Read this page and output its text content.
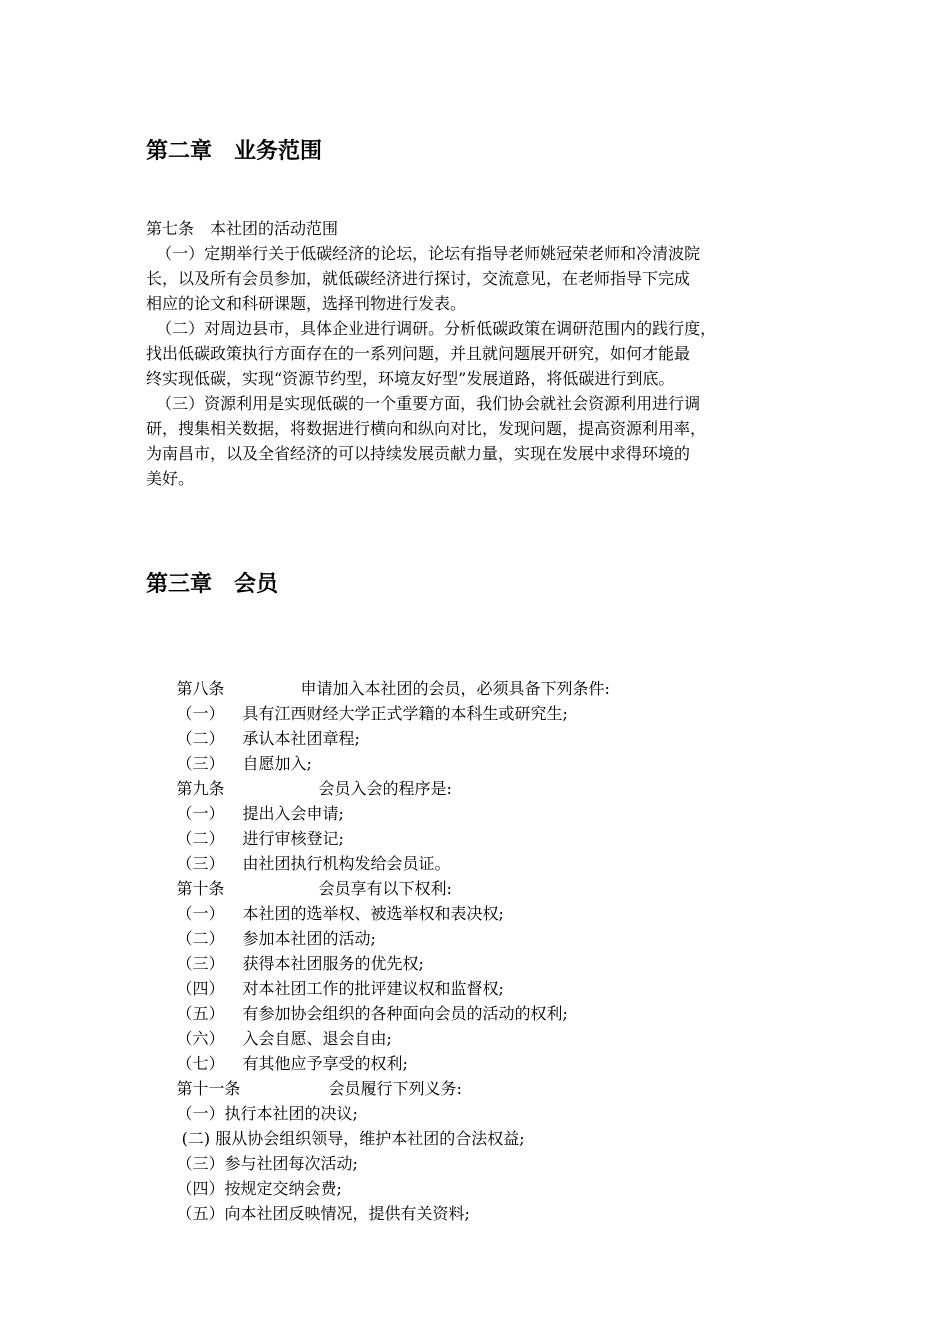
第二章　业务范围
第七条　本社团的活动范围
（一）定期举行关于低碳经济的论坛，论坛有指导老师姚冠荣老师和冷清波院
长，以及所有会员参加，就低碳经济进行探讨，交流意见，在老师指导下完成
相应的论文和科研课题，选择刊物进行发表。
（二）对周边县市，具体企业进行调研。分析低碳政策在调研范围内的践行度，
找出低碳政策执行方面存在的一系列问题，并且就问题展开研究，如何才能最
终实现低碳，实现“资源节约型，环境友好型”发展道路，将低碳进行到底。
（三）资源利用是实现低碳的一个重要方面，我们协会就社会资源利用进行调
研，搜集相关数据，将数据进行横向和纵向对比，发现问题，提高资源利用率，
为南昌市，以及全省经济的可以持续发展贡献力量，实现在发展中求得环境的
美好。
第三章　会员

第八条	申请加入本社团的会员，必须具备下列条件:

（一） 具有江西财经大学正式学籍的本科生或研究生;

（二） 承认本社团章程;

（三） 自愿加入;

第九条	会员入会的程序是:

（一） 提出入会申请;

（二） 进行审核登记;

（三） 由社团执行机构发给会员证。

第十条	会员享有以下权利:

（一） 本社团的选举权、被选举权和表决权;

（二） 参加本社团的活动;

（三） 获得本社团服务的优先权;

（四） 对本社团工作的批评建议权和监督权;

（五） 有参加协会组织的各种面向会员的活动的权利;

（六） 入会自愿、退会自由;

（七） 有其他应予享受的权利;

第十一条	会员履行下列义务:

（一）执行本社团的决议;

(二) 服从协会组织领导，维护本社团的合法权益;

（三）参与社团每次活动;

（四）按规定交纳会费;

（五）向本社团反映情况，提供有关资料;
